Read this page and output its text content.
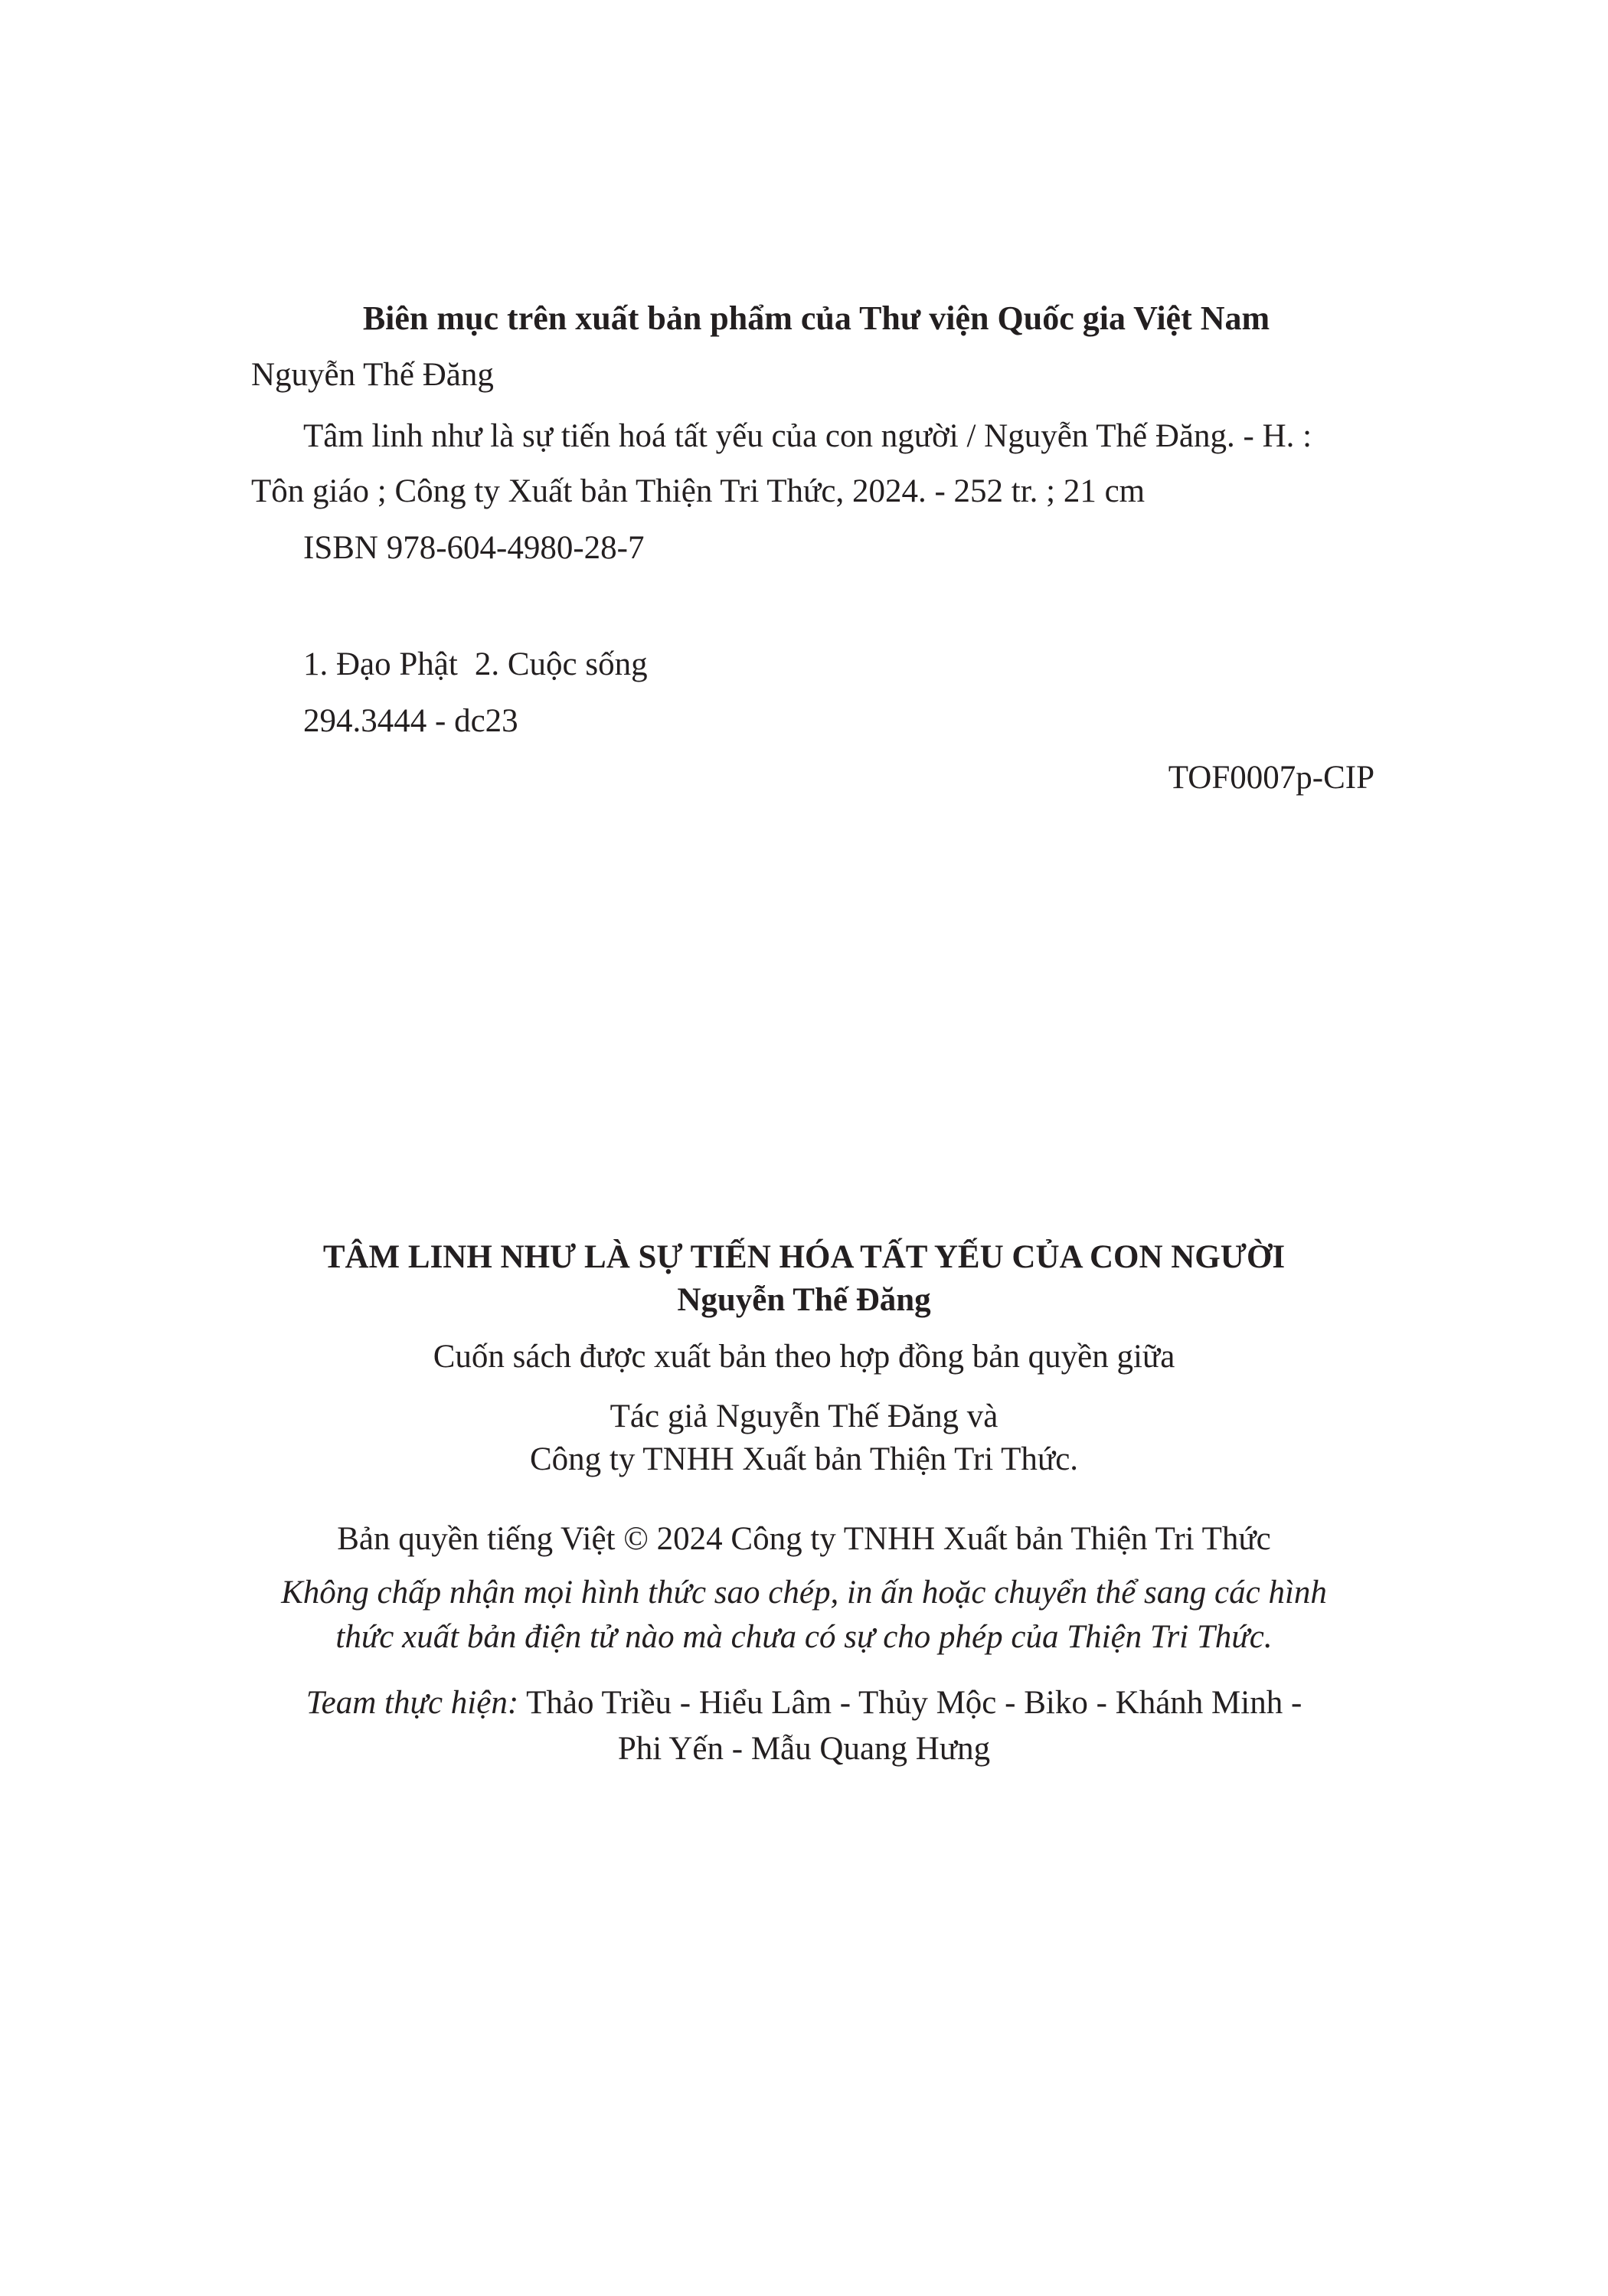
Biên mục trên xuất bản phẩm của Thư viện Quốc gia Việt Nam
Nguyễn Thế Đăng
Tâm linh như là sự tiến hoá tất yếu của con người / Nguyễn Thế Đăng. - H. :
Tôn giáo ; Công ty Xuất bản Thiện Tri Thức, 2024. - 252 tr. ; 21 cm
ISBN 978-604-4980-28-7
1. Đạo Phật 2. Cuộc sống
294.3444 - dc23
TOF0007p-CIP
TÂM LINH NHƯ LÀ SỰ TIẾN HÓA TẤT YẾU CỦA CON NGƯỜI
Nguyễn Thế Đăng
Cuốn sách được xuất bản theo hợp đồng bản quyền giữa
Tác giả Nguyễn Thế Đăng và
Công ty TNHH Xuất bản Thiện Tri Thức.
Bản quyền tiếng Việt © 2024 Công ty TNHH Xuất bản Thiện Tri Thức
Không chấp nhận mọi hình thức sao chép, in ấn hoặc chuyển thể sang các hình
thức xuất bản điện tử nào mà chưa có sự cho phép của Thiện Tri Thức.
Team thực hiện: Thảo Triều - Hiểu Lâm - Thủy Mộc - Biko - Khánh Minh -
Phi Yến - Mẫu Quang Hưng
